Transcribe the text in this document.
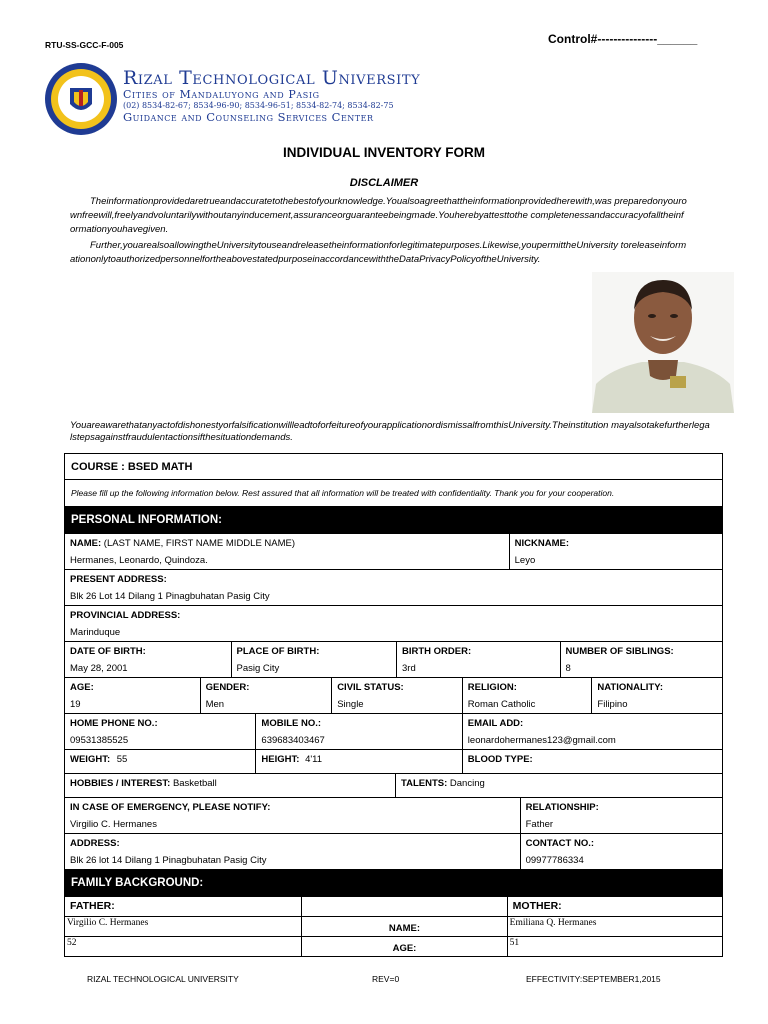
RTU-SS-GCC-F-005	Control#---------------______
Rizal Technological University
Cities of Mandaluyong and Pasig
(02) 8534-82-67; 8534-96-90; 8534-96-51; 8534-82-74; 8534-82-75
Guidance and Counseling Services Center
INDIVIDUAL INVENTORY FORM
DISCLAIMER
Theinformationprovidedaretrueandaccuratetothebestofyourknowledge.Youalsoagreethattheinformationprovidedherewith,was preparedonyourownfreewill,freelyandvoluntarilywithoutanyinducement,assuranceorguaranteebeingmade.Youherebyattesttothe completenessandaccuracyofalltheinformationyouhavegiven.
Further,youarealsoallowingtheUniversitytouseandreleasetheinformationforlegitimatepurposes.Likewise,youpermittheUniversity toreleaseinformationonlytoauthorizedpersonnelfortheabovestatedpurposeinaccordancewiththeDataPrivacyPolicyoftheUniversity.
YouareawarethatanyactofdishonestyorfalsificationwillleadtoforfeitureofyourapplicationordismissalfromthisUniversity.Theinstitution mayalsotakefurtherlegalstepsagainstfraudulentactionsifthesituationdemands.
COURSE : BSED MATH
Please fill up the following information below. Rest assured that all information will be treated with confidentiality. Thank you for your cooperation.
PERSONAL INFORMATION:
NAME: (LAST NAME, FIRST NAME MIDDLE NAME)
Hermanes, Leonardo, Quindoza.
NICKNAME:
Leyo
PRESENT ADDRESS:
Blk 26 Lot 14 Dilang 1 Pinagbuhatan Pasig City
PROVINCIAL ADDRESS:
Marinduque
DATE OF BIRTH:
May 28, 2001
PLACE OF BIRTH:
Pasig City
BIRTH ORDER:
3rd
NUMBER OF SIBLINGS:
8
AGE:
19
GENDER:
Men
CIVIL STATUS:
Single
RELIGION:
Roman Catholic
NATIONALITY:
Filipino
HOME PHONE NO.:
09531385525
MOBILE NO.:
639683403467
EMAIL ADD:
leonardohermanes123@gmail.com
WEIGHT: 55	HEIGHT: 4'11	BLOOD TYPE:
HOBBIES / INTEREST: Basketball	TALENTS: Dancing
IN CASE OF EMERGENCY, PLEASE NOTIFY:
Virgilio C. Hermanes
RELATIONSHIP:
Father
ADDRESS:
Blk 26 lot 14 Dilang 1 Pinagbuhatan Pasig City
CONTACT NO.:
09977786334
FAMILY BACKGROUND:
FATHER:	MOTHER:
Virgilio C. Hermanes	NAME:	Emiliana Q. Hermanes
52	AGE:	51
RIZAL TECHNOLOGICAL UNIVERSITY	REV=0	EFFECTIVITY:SEPTEMBER1,2015
